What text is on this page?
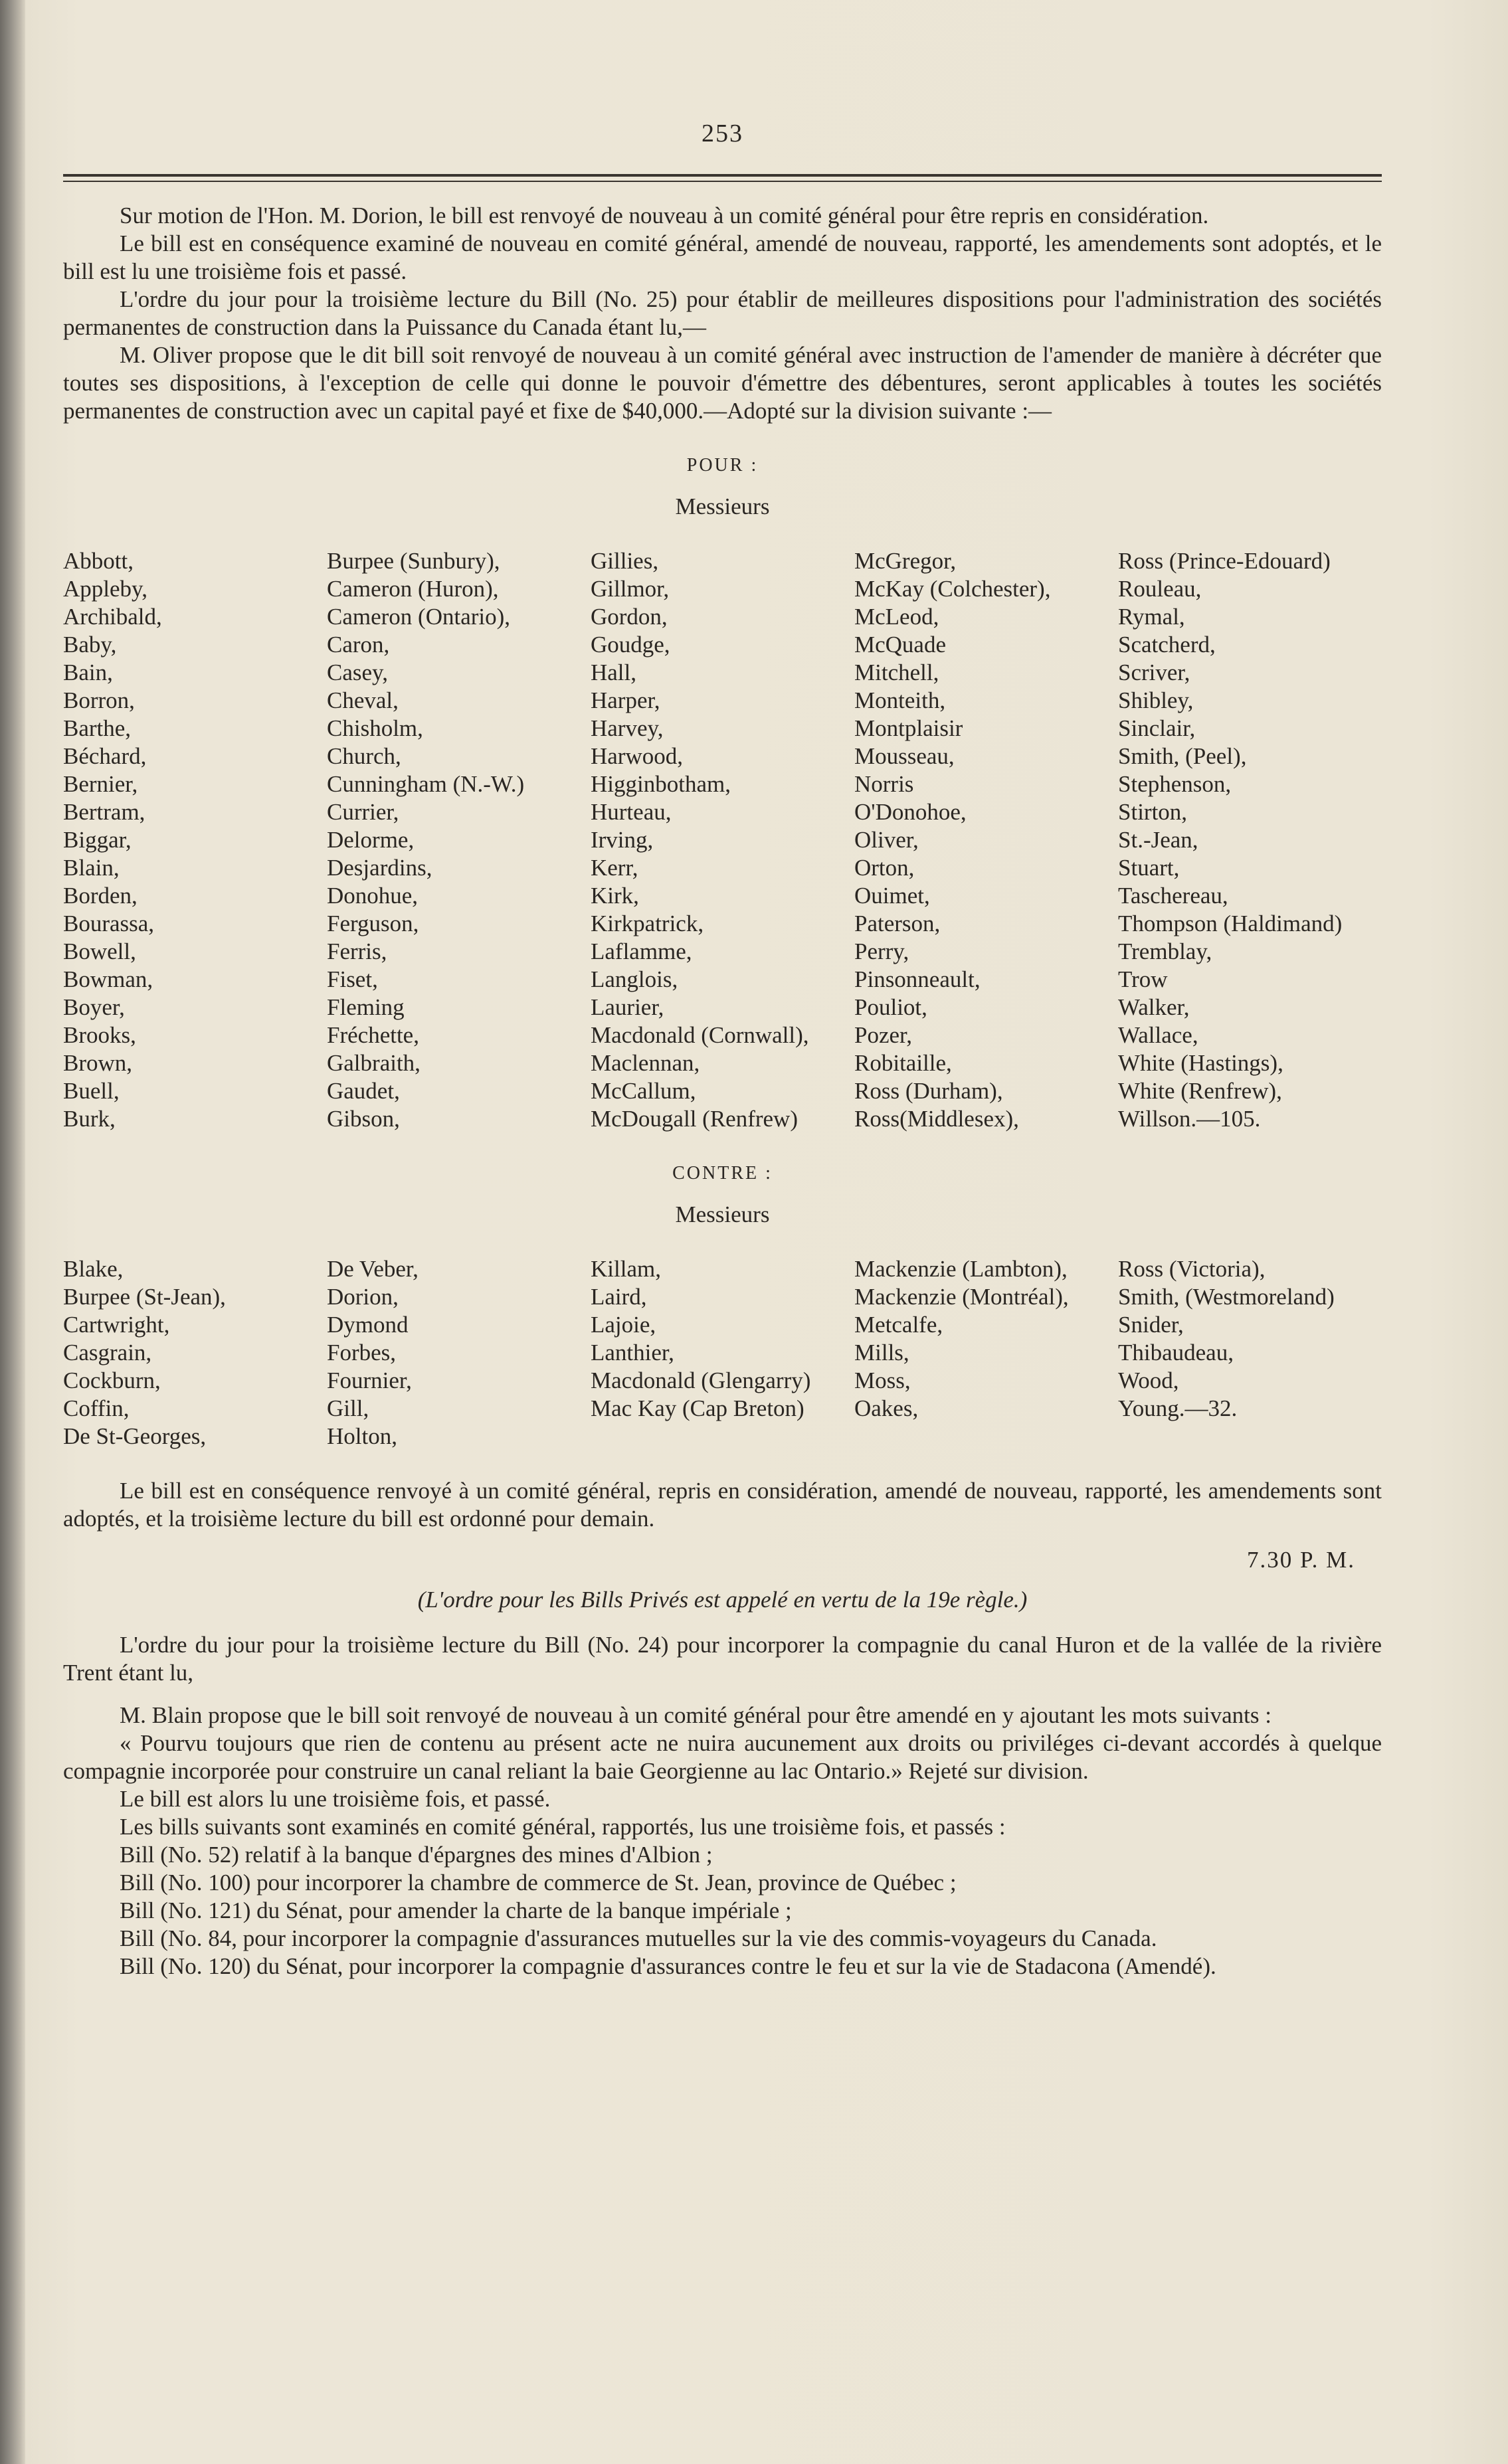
253

Sur motion de l'Hon. M. Dorion, le bill est renvoyé de nouveau à un comité général pour être repris en considération.

Le bill est en conséquence examiné de nouveau en comité général, amendé de nouveau, rapporté, les amendements sont adoptés, et le bill est lu une troisième fois et passé.

L'ordre du jour pour la troisième lecture du Bill (No. 25) pour établir de meilleures dispositions pour l'administration des sociétés permanentes de construction dans la Puissance du Canada étant lu,—

M. Oliver propose que le dit bill soit renvoyé de nouveau à un comité général avec instruction de l'amender de manière à décréter que toutes ses dispositions, à l'exception de celle qui donne le pouvoir d'émettre des débentures, seront applicables à toutes les sociétés permanentes de construction avec un capital payé et fixe de $40,000.—Adopté sur la division suivante :—

POUR :
Messieurs
Abbott,
Appleby,
Archibald,
Baby,
Bain,
Borron,
Barthe,
Béchard,
Bernier,
Bertram,
Biggar,
Blain,
Borden,
Bourassa,
Bowell,
Bowman,
Boyer,
Brooks,
Brown,
Buell,
Burk,
Burpee (Sunbury),
Cameron (Huron),
Cameron (Ontario),
Caron,
Casey,
Cheval,
Chisholm,
Church,
Cunningham (N.-W.)
Currier,
Delorme,
Desjardins,
Donohue,
Ferguson,
Ferris,
Fiset,
Fleming
Fréchette,
Galbraith,
Gaudet,
Gibson,
Gillies,
Gillmor,
Gordon,
Goudge,
Hall,
Harper,
Harvey,
Harwood,
Higginbotham,
Hurteau,
Irving,
Kerr,
Kirk,
Kirkpatrick,
Laflamme,
Langlois,
Laurier,
Macdonald (Cornwall),
Maclennan,
McCallum,
McDougall (Renfrew)
McGregor,
McKay (Colchester),
McLeod,
McQuade
Mitchell,
Monteith,
Montplaisir
Mousseau,
Norris
O'Donohoe,
Oliver,
Orton,
Ouimet,
Paterson,
Perry,
Pinsonneault,
Pouliot,
Pozer,
Robitaille,
Ross (Durham),
Ross(Middlesex),
Ross (Prince-Edouard)
Rouleau,
Rymal,
Scatcherd,
Scriver,
Shibley,
Sinclair,
Smith, (Peel),
Stephenson,
Stirton,
St.-Jean,
Stuart,
Taschereau,
Thompson (Haldimand)
Tremblay,
Trow
Walker,
Wallace,
White (Hastings),
White (Renfrew),
Willson.—105.
CONTRE :
Messieurs
Blake,
Burpee (St-Jean),
Cartwright,
Casgrain,
Cockburn,
Coffin,
De St-Georges,
De Veber,
Dorion,
Dymond
Forbes,
Fournier,
Gill,
Holton,
Killam,
Laird,
Lajoie,
Lanthier,
Macdonald (Glengarry)
Mac Kay (Cap Breton)
Mackenzie (Lambton),
Mackenzie (Montréal),
Metcalfe,
Mills,
Moss,
Oakes,
Ross (Victoria),
Smith, (Westmoreland)
Snider,
Thibaudeau,
Wood,
Young.—32.

Le bill est en conséquence renvoyé à un comité général, repris en considération, amendé de nouveau, rapporté, les amendements sont adoptés, et la troisième lecture du bill est ordonné pour demain.

7.30 P. M.
(L'ordre pour les Bills Privés est appelé en vertu de la 19e règle.)

L'ordre du jour pour la troisième lecture du Bill (No. 24) pour incorporer la compagnie du canal Huron et de la vallée de la rivière Trent étant lu,

M. Blain propose que le bill soit renvoyé de nouveau à un comité général pour être amendé en y ajoutant les mots suivants :

« Pourvu toujours que rien de contenu au présent acte ne nuira aucunement aux droits ou priviléges ci-devant accordés à quelque compagnie incorporée pour construire un canal reliant la baie Georgienne au lac Ontario.» Rejeté sur division.

Le bill est alors lu une troisième fois, et passé.

Les bills suivants sont examinés en comité général, rapportés, lus une troisième fois, et passés :

Bill (No. 52) relatif à la banque d'épargnes des mines d'Albion ;

Bill (No. 100) pour incorporer la chambre de commerce de St. Jean, province de Québec ;

Bill (No. 121) du Sénat, pour amender la charte de la banque impériale ;

Bill (No. 84, pour incorporer la compagnie d'assurances mutuelles sur la vie des commis-voyageurs du Canada.

Bill (No. 120) du Sénat, pour incorporer la compagnie d'assurances contre le feu et sur la vie de Stadacona (Amendé).
